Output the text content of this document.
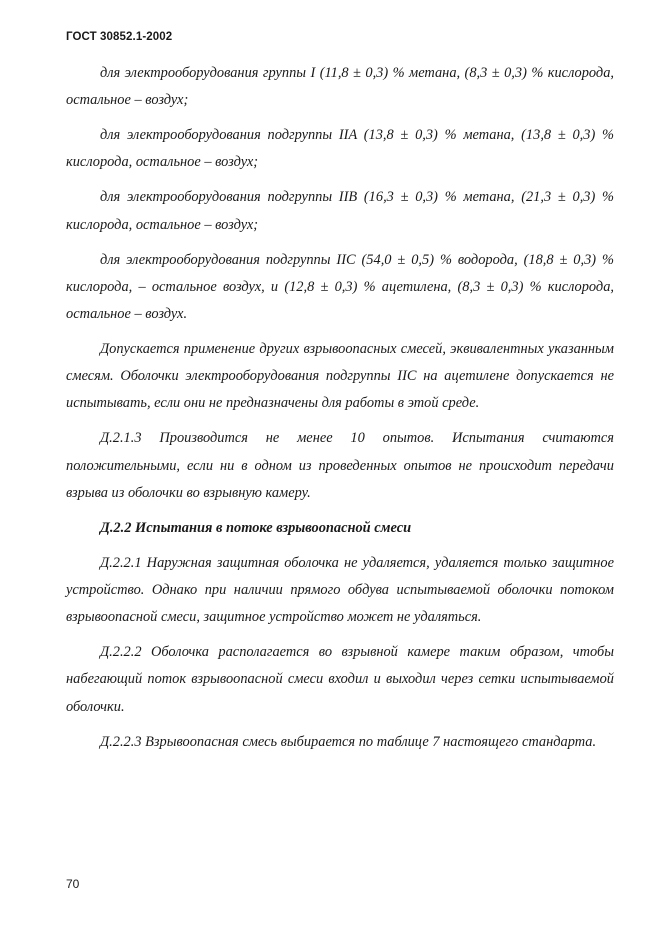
ГОСТ 30852.1-2002

для электрооборудования группы I (11,8 ± 0,3) % метана, (8,3 ± 0,3) % кислорода, остальное – воздух;

для электрооборудования подгруппы IIA (13,8 ± 0,3) % метана, (13,8 ± 0,3) % кислорода, остальное – воздух;

для электрооборудования подгруппы IIB (16,3 ± 0,3) % метана, (21,3 ± 0,3) % кислорода, остальное – воздух;

для электрооборудования подгруппы IIC (54,0 ± 0,5) % водорода, (18,8 ± 0,3) % кислорода, – остальное воздух, и (12,8 ± 0,3) % ацетилена, (8,3 ± 0,3) % кислорода, остальное – воздух.

Допускается применение других взрывоопасных смесей, эквивалентных указанным смесям. Оболочки электрооборудования подгруппы IIC на ацетилене допускается не испытывать, если они не предназначены для работы в этой среде.

Д.2.1.3 Производится не менее 10 опытов. Испытания считаются положительными, если ни в одном из проведенных опытов не происходит передачи взрыва из оболочки во взрывную камеру.

Д.2.2 Испытания в потоке взрывоопасной смеси

Д.2.2.1 Наружная защитная оболочка не удаляется, удаляется только защитное устройство. Однако при наличии прямого обдува испытываемой оболочки потоком взрывоопасной смеси, защитное устройство может не удаляться.

Д.2.2.2 Оболочка располагается во взрывной камере таким образом, чтобы набегающий поток взрывоопасной смеси входил и выходил через сетки испытываемой оболочки.

Д.2.2.3 Взрывоопасная смесь выбирается по таблице 7 настоящего стандарта.

70
